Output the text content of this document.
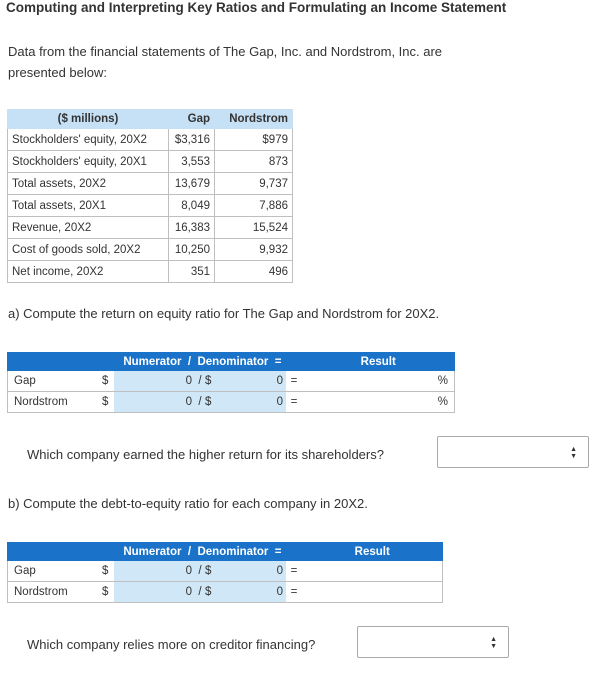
Computing and Interpreting Key Ratios and Formulating an Income Statement
Data from the financial statements of The Gap, Inc. and Nordstrom, Inc. are presented below:
($ millions)	Gap	Nordstrom
Stockholders' equity, 20X2	$3,316	$979
Stockholders' equity, 20X1	3,553	873
Total assets, 20X2	13,679	9,737
Total assets, 20X1	8,049	7,886
Revenue, 20X2	16,383	15,524
Cost of goods sold, 20X2	10,250	9,932
Net income, 20X2	351	496
a) Compute the return on equity ratio for The Gap and Nordstrom for 20X2.
Numerator  /  Denominator  =						Result
Gap	$	0	/	$ 0	=	%
Nordstrom	$	0	/	$ 0	=	%
Which company earned the higher return for its shareholders?	▲
▼
b) Compute the debt-to-equity ratio for each company in 20X2.
Numerator  /  Denominator  =						Result
Gap	$	0	/	$ 0	=	
Nordstrom	$	0	/	$ 0	=	
Which company relies more on creditor financing?	▲
▼
